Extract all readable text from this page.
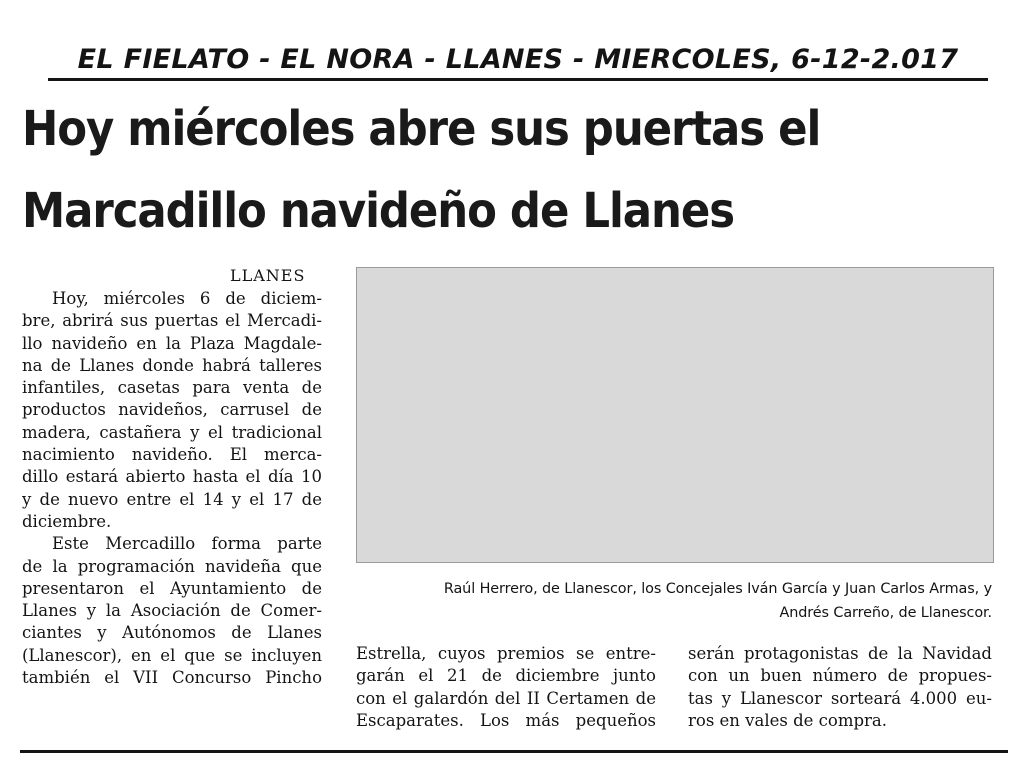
EL FIELATO - EL NORA - LLANES - MIERCOLES, 6-12-2.017
Hoy miércoles abre sus puertas el
Marcadillo navideño de Llanes
LLANES
Hoy, miércoles 6 de diciem-
bre, abrirá sus puertas el Mercadi-
llo navideño en la Plaza Magdale-
na de Llanes donde habrá talleres
infantiles, casetas para venta de
productos navideños, carrusel de
madera, castañera y el tradicional
nacimiento navideño. El merca-
dillo estará abierto hasta el día 10
y de nuevo entre el 14 y el 17 de
diciembre.
Este Mercadillo forma parte
de la programación navideña que
presentaron el Ayuntamiento de
Llanes y la Asociación de Comer-
ciantes y Autónomos de Llanes
(Llanescor), en el que se incluyen
también el VII Concurso Pincho
Raúl Herrero, de Llanescor, los Concejales Iván García y Juan Carlos Armas, y
Andrés Carreño, de Llanescor.
Estrella, cuyos premios se entre-
garán el 21 de diciembre junto
con el galardón del II Certamen de
Escaparates. Los más pequeños
serán protagonistas de la Navidad
con un buen número de propues-
tas y Llanescor sorteará 4.000 eu-
ros en vales de compra.
